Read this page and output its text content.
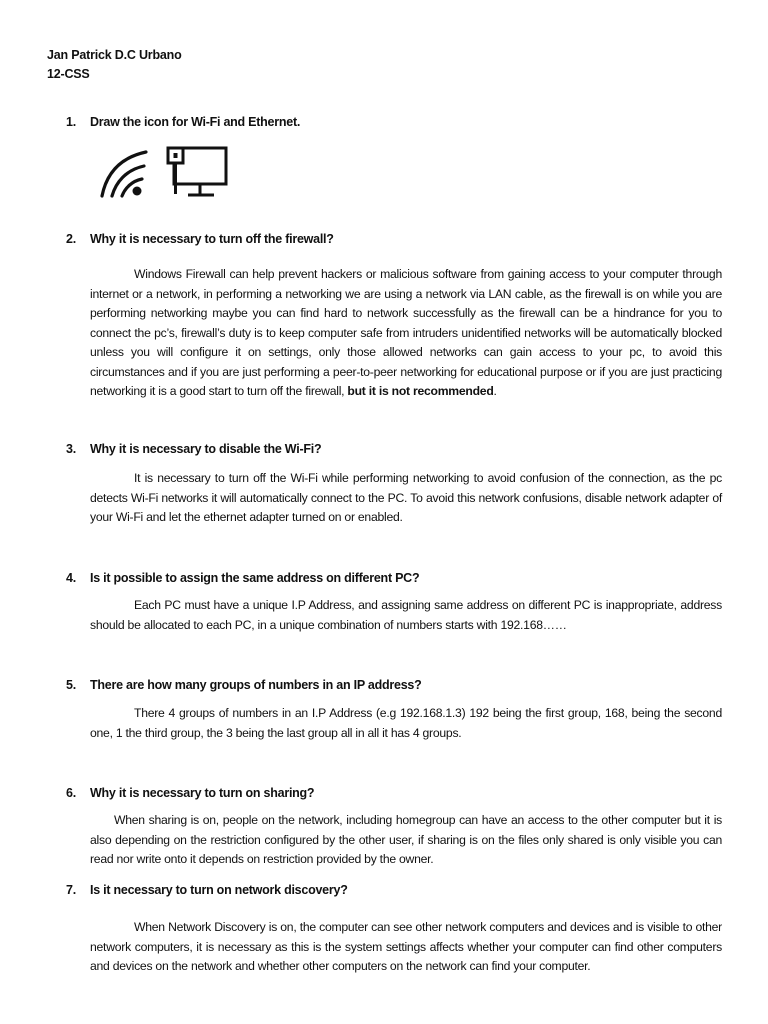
Jan Patrick D.C Urbano
12-CSS
1. Draw the icon for Wi-Fi and Ethernet.
2. Why it is necessary to turn off the firewall?
Windows Firewall can help prevent hackers or malicious software from gaining access to your computer through internet or a network, in performing a networking we are using a network via LAN cable, as the firewall is on while you are performing networking maybe you can find hard to network successfully as the firewall can be a hindrance for you to connect the pc’s, firewall’s duty is to keep computer safe from intruders unidentified networks will be automatically blocked unless you will configure it on settings, only those allowed networks can gain access to your pc, to avoid this circumstances and if you are just performing a peer-to-peer networking for educational purpose or if you are just practicing networking it is a good start to turn off the firewall, but it is not recommended.
3. Why it is necessary to disable the Wi-Fi?
It is necessary to turn off the Wi-Fi while performing networking to avoid confusion of the connection, as the pc detects Wi-Fi networks it will automatically connect to the PC. To avoid this network confusions, disable network adapter of your Wi-Fi and let the ethernet adapter turned on or enabled.
4. Is it possible to assign the same address on different PC?
Each PC must have a unique I.P Address, and assigning same address on different PC is inappropriate, address should be allocated to each PC, in a unique combination of numbers starts with 192.168……
5. There are how many groups of numbers in an IP address?
There 4 groups of numbers in an I.P Address (e.g 192.168.1.3) 192 being the first group, 168, being the second one, 1 the third group, the 3 being the last group all in all it has 4 groups.
6. Why it is necessary to turn on sharing?
When sharing is on, people on the network, including homegroup can have an access to the other computer but it is also depending on the restriction configured by the other user, if sharing is on the files only shared is only visible you can read nor write onto it depends on restriction provided by the owner.
7. Is it necessary to turn on network discovery?
When Network Discovery is on, the computer can see other network computers and devices and is visible to other network computers, it is necessary as this is the system settings affects whether your computer can find other computers and devices on the network and whether other computers on the network can find your computer.
